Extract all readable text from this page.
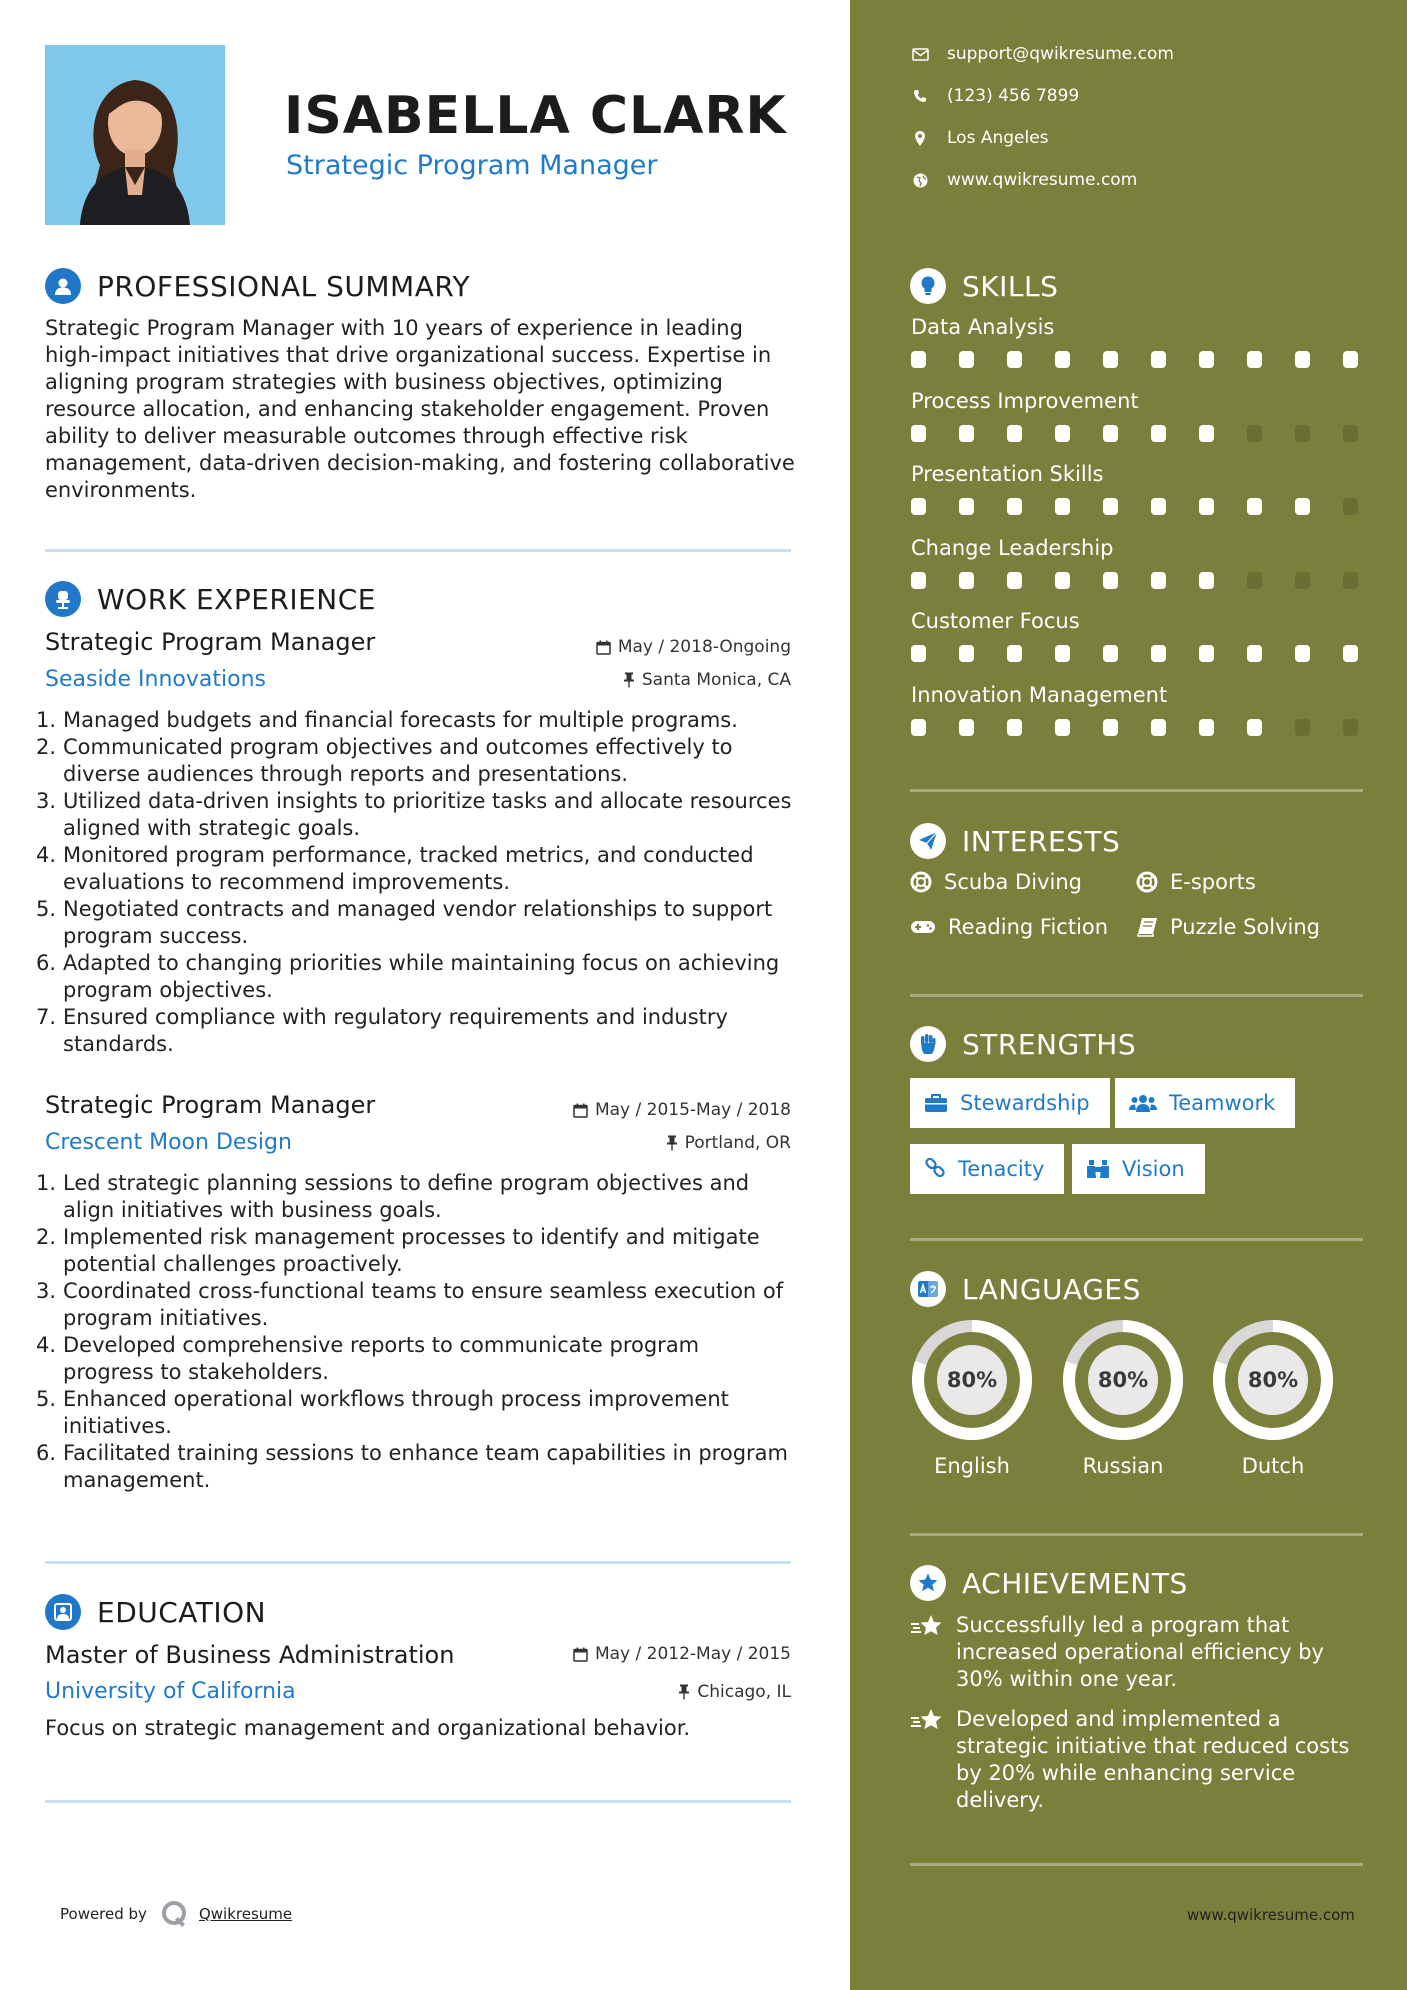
ISABELLA CLARK
Strategic Program Manager
PROFESSIONAL SUMMARY
Strategic Program Manager with 10 years of experience in leading high-impact initiatives that drive organizational success. Expertise in aligning program strategies with business objectives, optimizing resource allocation, and enhancing stakeholder engagement. Proven ability to deliver measurable outcomes through effective risk management, data-driven decision-making, and fostering collaborative environments.
WORK EXPERIENCE
Strategic Program Manager
Seaside Innovations
May / 2018-Ongoing
Santa Monica, CA
1. Managed budgets and financial forecasts for multiple programs.
2. Communicated program objectives and outcomes effectively to diverse audiences through reports and presentations.
3. Utilized data-driven insights to prioritize tasks and allocate resources aligned with strategic goals.
4. Monitored program performance, tracked metrics, and conducted evaluations to recommend improvements.
5. Negotiated contracts and managed vendor relationships to support program success.
6. Adapted to changing priorities while maintaining focus on achieving program objectives.
7. Ensured compliance with regulatory requirements and industry standards.
Strategic Program Manager
Crescent Moon Design
May / 2015-May / 2018
Portland, OR
1. Led strategic planning sessions to define program objectives and align initiatives with business goals.
2. Implemented risk management processes to identify and mitigate potential challenges proactively.
3. Coordinated cross-functional teams to ensure seamless execution of program initiatives.
4. Developed comprehensive reports to communicate program progress to stakeholders.
5. Enhanced operational workflows through process improvement initiatives.
6. Facilitated training sessions to enhance team capabilities in program management.
EDUCATION
Master of Business Administration
University of California
May / 2012-May / 2015
Chicago, IL
Focus on strategic management and organizational behavior.
Powered by	Qwikresume
support@qwikresume.com
(123) 456 7899
Los Angeles
www.qwikresume.com
SKILLS
Data Analysis
Process Improvement
Presentation Skills
Change Leadership
Customer Focus
Innovation Management
INTERESTS
Scuba Diving	E-sports
Reading Fiction	Puzzle Solving
STRENGTHS
Stewardship	Teamwork
Tenacity	Vision
LANGUAGES
80%
English
80%
Russian
80%
Dutch
ACHIEVEMENTS
Successfully led a program that increased operational efficiency by 30% within one year.
Developed and implemented a strategic initiative that reduced costs by 20% while enhancing service delivery.
www.qwikresume.com
